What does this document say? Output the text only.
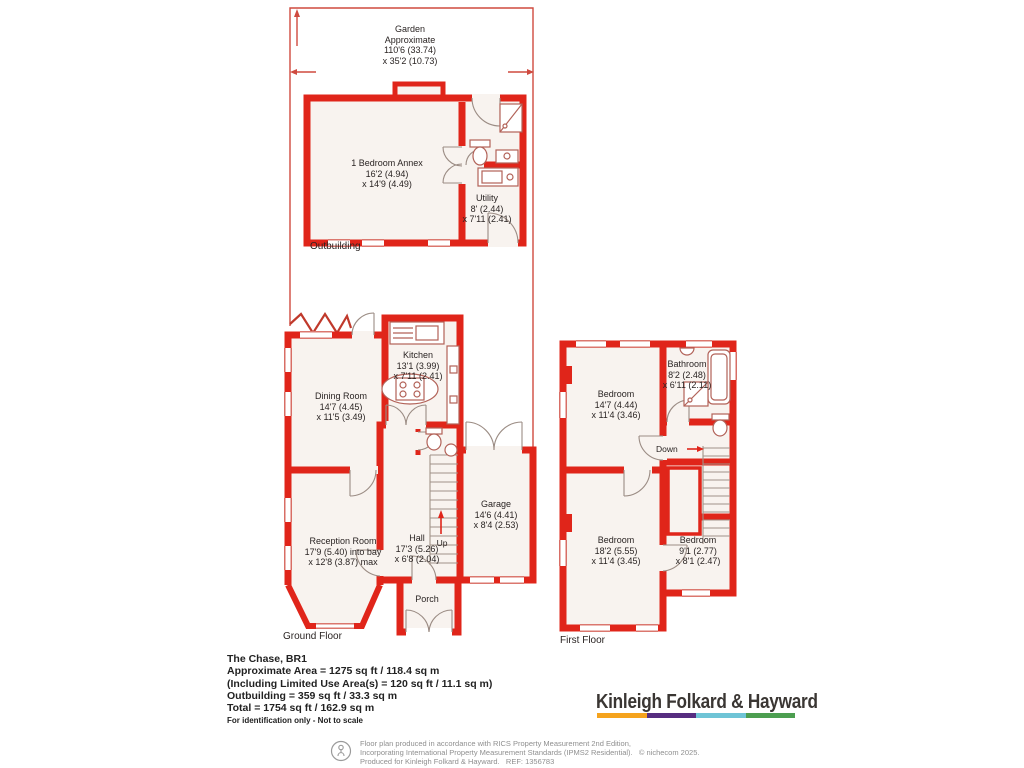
Garden
Approximate
110'6 (33.74)
x 35'2 (10.73)
1 Bedroom Annex
16'2 (4.94)
x 14'9 (4.49)
Utility
8' (2.44)
x 7'11 (2.41)
Outbuilding
Kitchen
13'1 (3.99)
x 7'11 (2.41)
Dining Room
14'7 (4.45)
x 11'5 (3.49)
Reception Room
17'9 (5.40) into bay
x 12'8 (3.87) max
Hall
17'3 (5.26)
x 6'8 (2.04)
Up
Garage
14'6 (4.41)
x 8'4 (2.53)
Porch
Ground Floor
Bedroom
14'7 (4.44)
x 11'4 (3.46)
Bathroom
8'2 (2.48)
x 6'11 (2.11)
Down
Bedroom
18'2 (5.55)
x 11'4 (3.45)
Bedroom
9'1 (2.77)
x 8'1 (2.47)
First Floor
The Chase, BR1
Approximate Area = 1275 sq ft / 118.4 sq m
(Including Limited Use Area(s) = 120 sq ft / 11.1 sq m)
Outbuilding = 359 sq ft / 33.3 sq m
Total = 1754 sq ft / 162.9 sq m
For identification only - Not to scale
Kinleigh Folkard & Hayward
Floor plan produced in accordance with RICS Property Measurement 2nd Edition,
Incorporating International Property Measurement Standards (IPMS2 Residential).   © nichecom 2025.
Produced for Kinleigh Folkard & Hayward.   REF: 1356783
